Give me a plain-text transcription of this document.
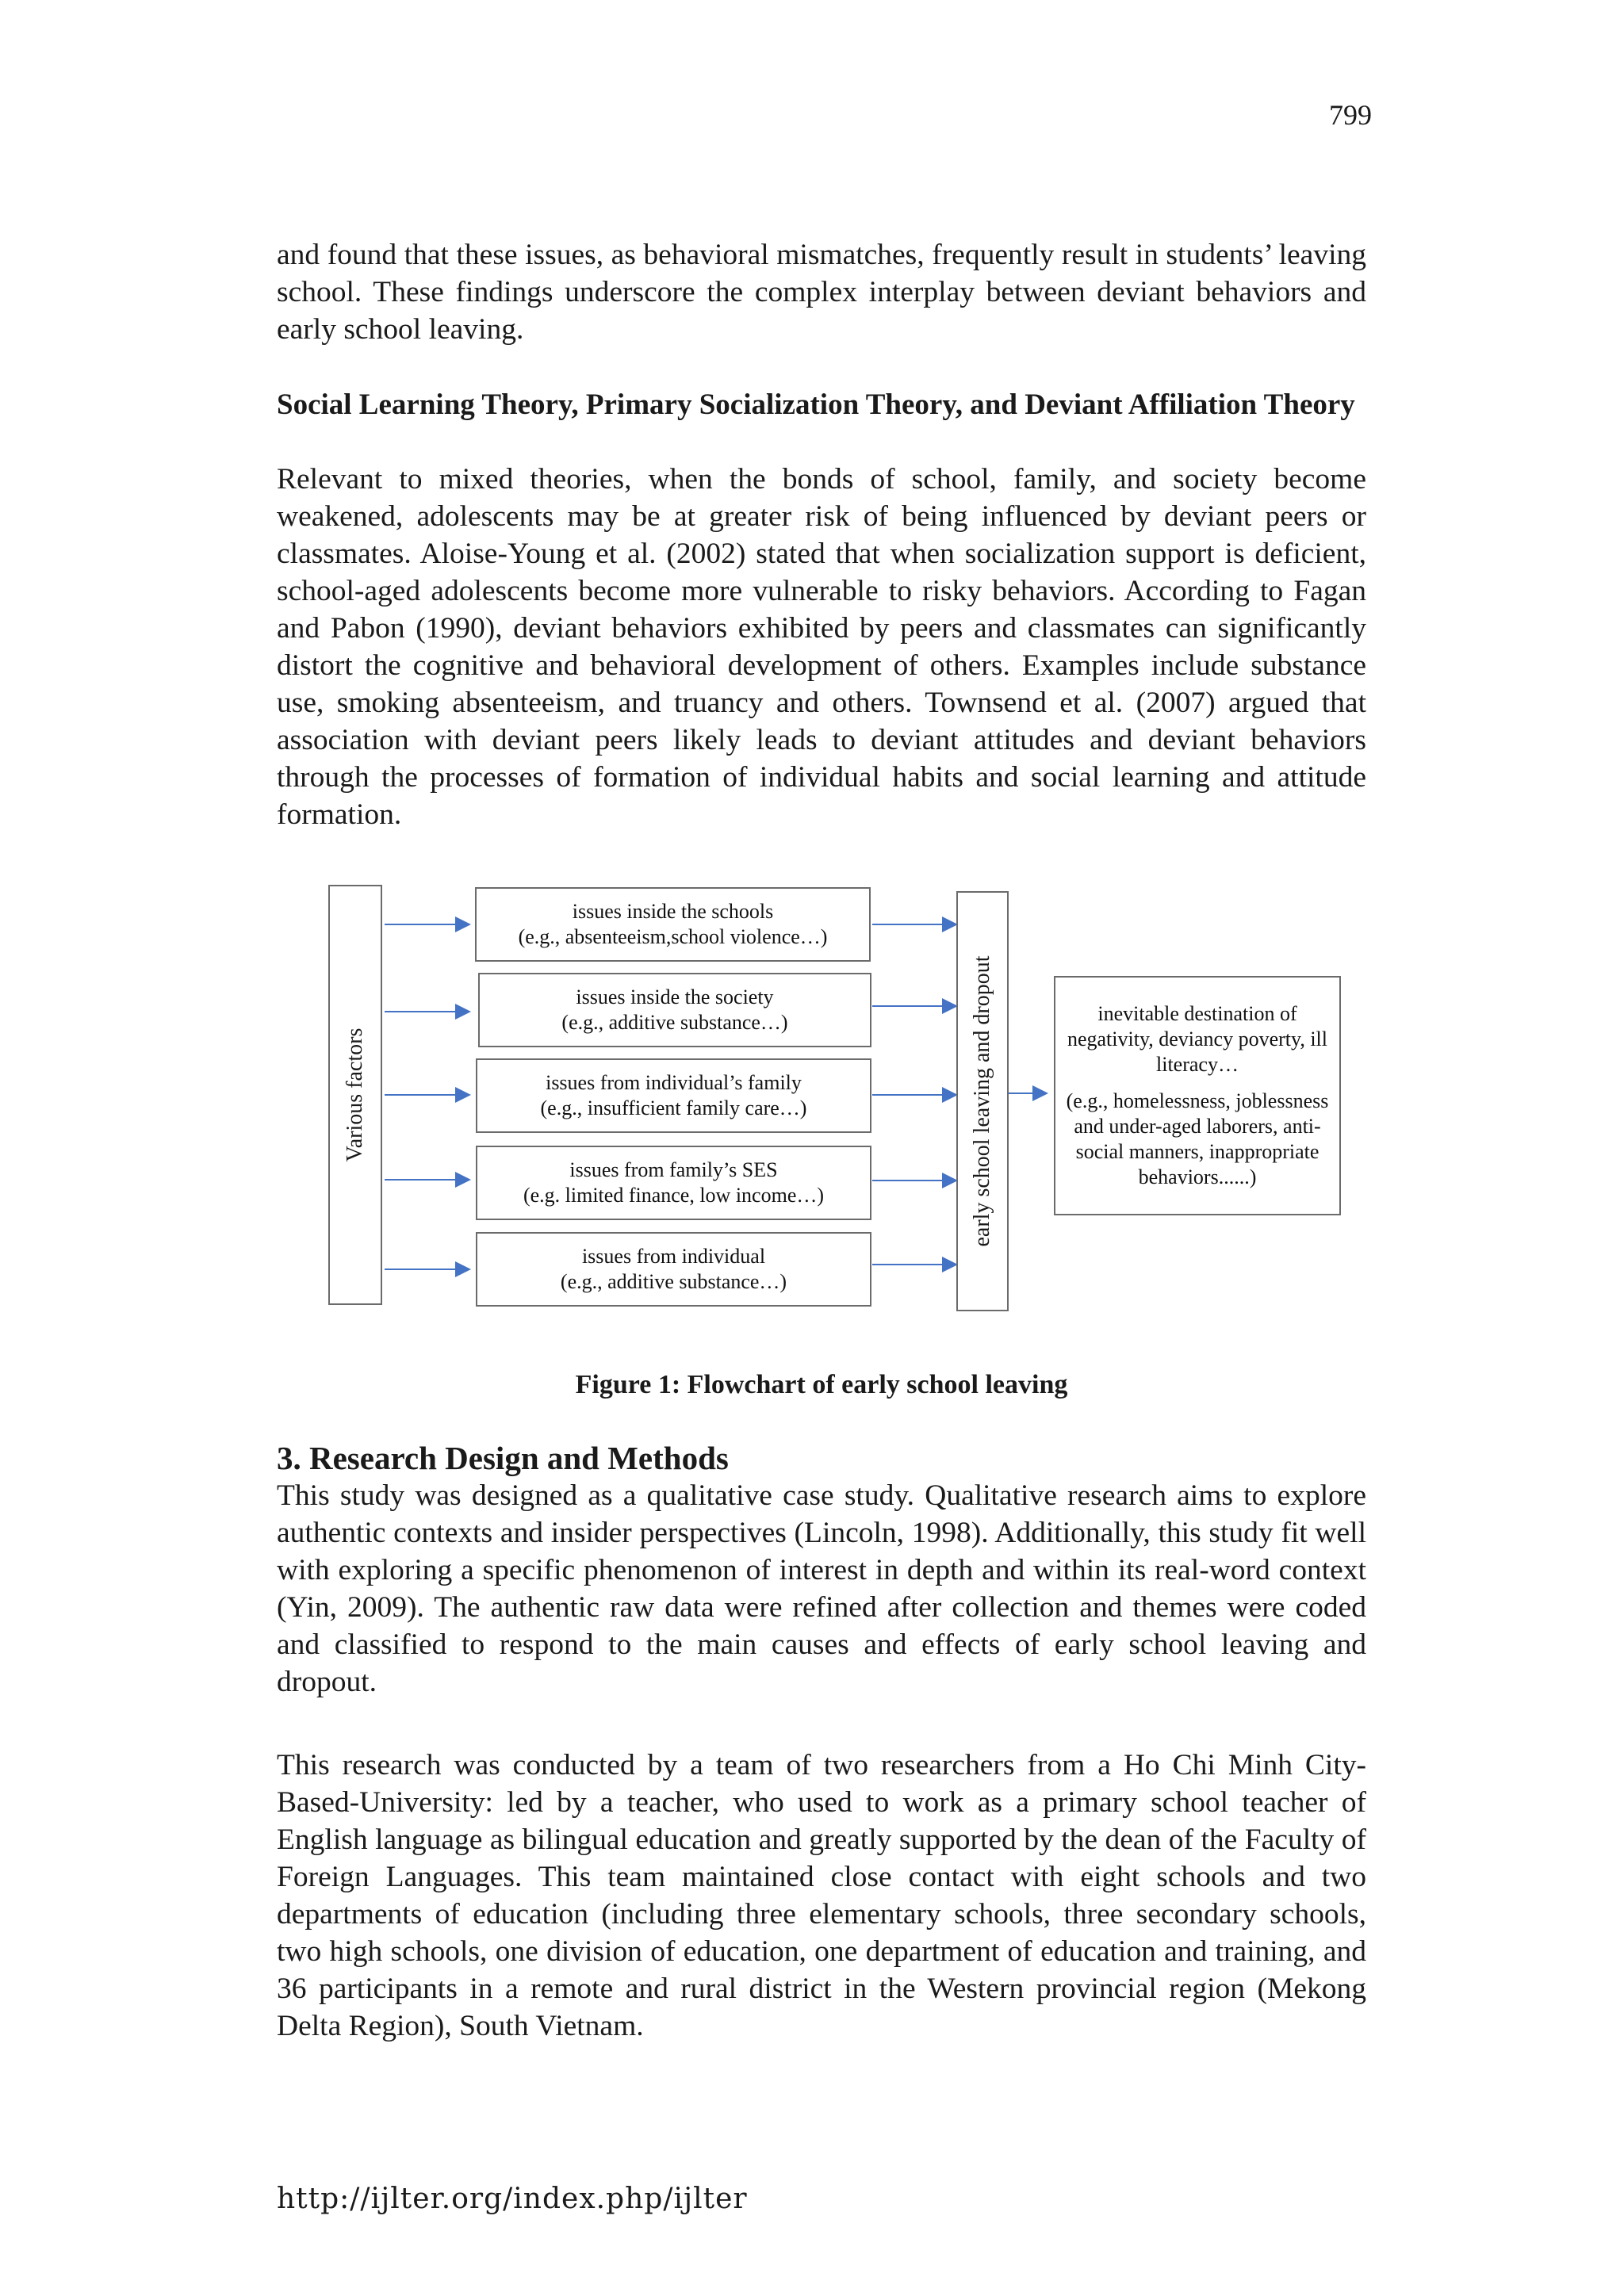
799

and found that these issues, as behavioral mismatches, frequently result in students’ leaving school. These findings underscore the complex interplay between deviant behaviors and early school leaving.

Social Learning Theory, Primary Socialization Theory, and Deviant Affiliation Theory

Relevant to mixed theories, when the bonds of school, family, and society become weakened, adolescents may be at greater risk of being influenced by deviant peers or classmates. Aloise-Young et al. (2002) stated that when socialization support is deficient, school-aged adolescents become more vulnerable to risky behaviors. According to Fagan and Pabon (1990), deviant behaviors exhibited by peers and classmates can significantly distort the cognitive and behavioral development of others. Examples include substance use, smoking absenteeism, and truancy and others. Townsend et al. (2007) argued that association with deviant peers likely leads to deviant attitudes and deviant behaviors through the processes of formation of individual habits and social learning and attitude formation.

Various factors
issues inside the schools
(e.g., absenteeism,school violence…)
issues inside the society
(e.g., additive substance…)
issues from individual’s family
(e.g., insufficient family care…)
issues from family’s SES
(e.g. limited finance, low income…)
issues from individual
(e.g., additive substance…)
early school leaving and dropout	inevitable destination of negativity, deviancy poverty, ill literacy…

(e.g., homelessness, joblessness and under-aged laborers, anti-social manners, inappropriate behaviors......)

Figure 1: Flowchart of early school leaving
3. Research Design and Methods

This study was designed as a qualitative case study. Qualitative research aims to explore authentic contexts and insider perspectives (Lincoln, 1998). Additionally, this study fit well with exploring a specific phenomenon of interest in depth and within its real-word context (Yin, 2009). The authentic raw data were refined after collection and themes were coded and classified to respond to the main causes and effects of early school leaving and dropout.

This research was conducted by a team of two researchers from a Ho Chi Minh City-Based-University: led by a teacher, who used to work as a primary school teacher of English language as bilingual education and greatly supported by the dean of the Faculty of Foreign Languages. This team maintained close contact with eight schools and two departments of education (including three elementary schools, three secondary schools, two high schools, one division of education, one department of education and training, and 36 participants in a remote and rural district in the Western provincial region (Mekong Delta Region), South Vietnam.

http://ijlter.org/index.php/ijlter
